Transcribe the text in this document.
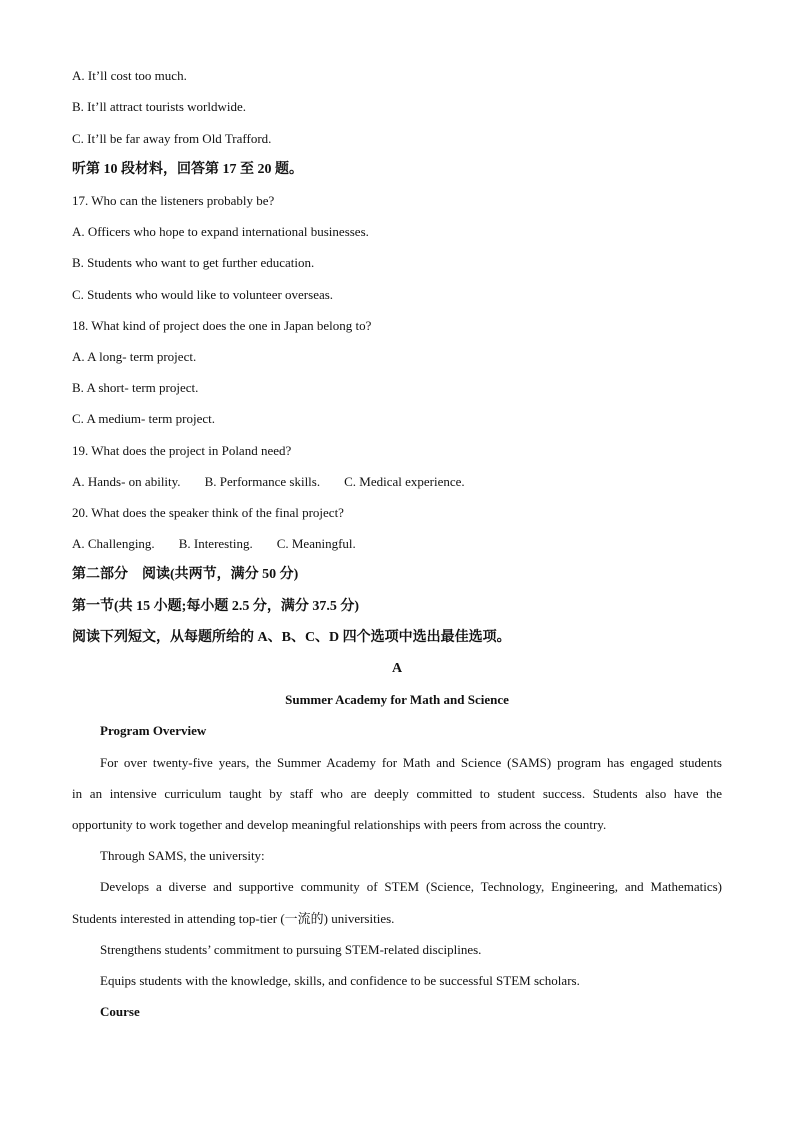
A. It’ll cost too much.
B. It’ll attract tourists worldwide.
C. It’ll be far away from Old Trafford.
听第 10 段材料，回答第 17 至 20 题。
17. Who can the listeners probably be?
A. Officers who hope to expand international businesses.
B. Students who want to get further education.
C. Students who would like to volunteer overseas.
18. What kind of project does the one in Japan belong to?
A. A long- term project.
B. A short- term project.
C. A medium- term project.
19. What does the project in Poland need?
A. Hands- on ability. B. Performance skills. C. Medical experience.
20. What does the speaker think of the final project?
A. Challenging. B. Interesting. C. Meaningful.
第二部分　阅读(共两节，满分 50 分)
第一节(共 15 小题;每小题 2.5 分，满分 37.5 分)
阅读下列短文，从每题所给的 A、B、C、D 四个选项中选出最佳选项。
A
Summer Academy for Math and Science
Program Overview
For over twenty-five years, the Summer Academy for Math and Science (SAMS) program has engaged students
in an intensive curriculum taught by staff who are deeply committed to student success. Students also have the
opportunity to work together and develop meaningful relationships with peers from across the country.
Through SAMS, the university:
Develops a diverse and supportive community of STEM (Science, Technology, Engineering, and Mathematics)
Students interested in attending top-tier (一流的) universities.
Strengthens students’ commitment to pursuing STEM-related disciplines.
Equips students with the knowledge, skills, and confidence to be successful STEM scholars.
Course
